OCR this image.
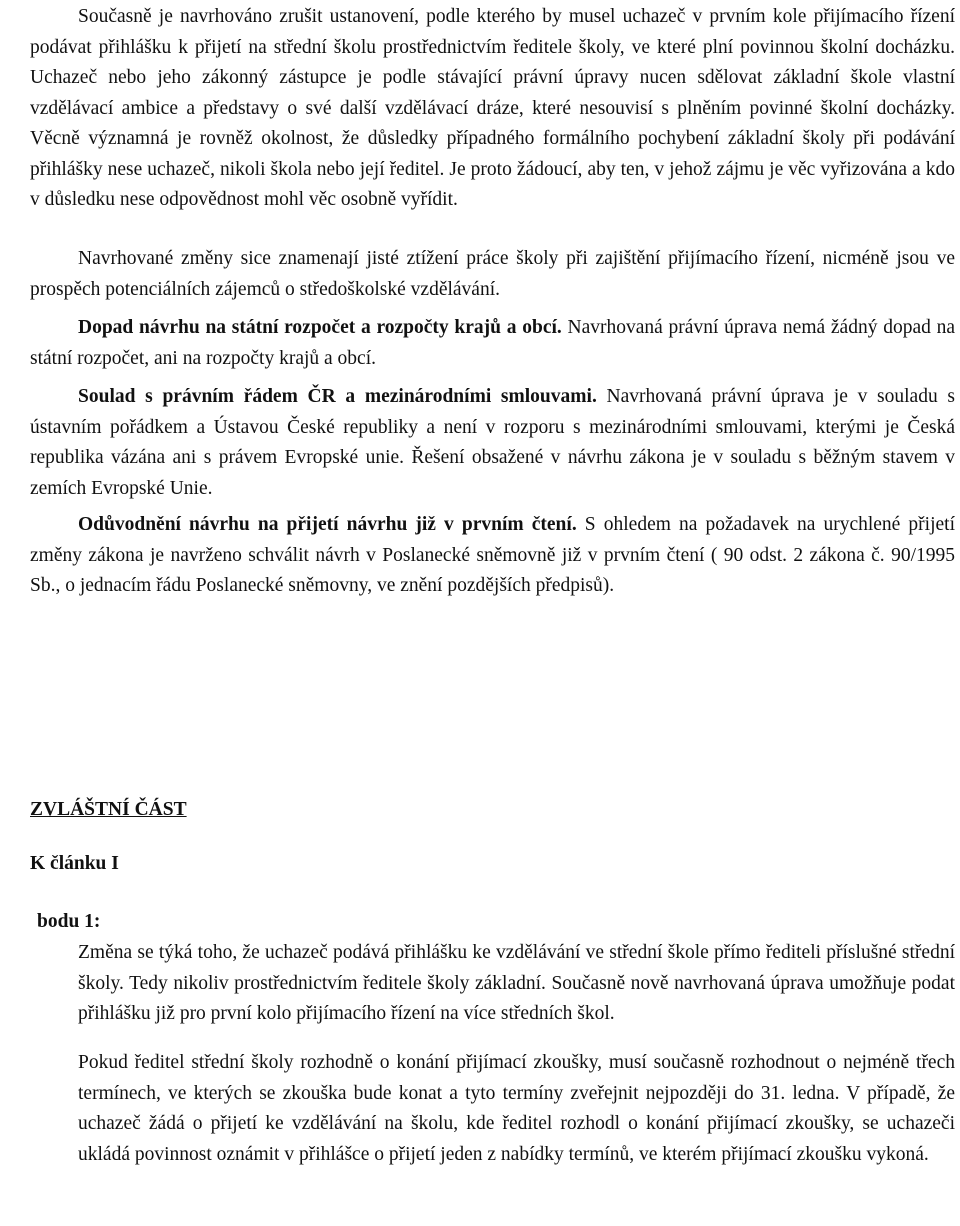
Současně je navrhováno zrušit ustanovení, podle kterého by musel uchazeč v prvním kole přijímacího řízení podávat přihlášku k přijetí na střední školu prostřednictvím ředitele školy, ve které plní povinnou školní docházku. Uchazeč nebo jeho zákonný zástupce je podle stávající právní úpravy nucen sdělovat základní škole vlastní vzdělávací ambice a představy o své další vzdělávací dráze, které nesouvisí s plněním povinné školní docházky. Věcně významná je rovněž okolnost, že důsledky případného formálního pochybení základní školy při podávání přihlášky nese uchazeč, nikoli škola nebo její ředitel. Je proto žádoucí, aby ten, v jehož zájmu je věc vyřizována a kdo v důsledku nese odpovědnost mohl věc osobně vyřídit.

Navrhované změny sice znamenají jisté ztížení práce školy při zajištění přijímacího řízení, nicméně jsou ve prospěch potenciálních zájemců o středoškolské vzdělávání.

Dopad návrhu na státní rozpočet a rozpočty krajů a obcí. Navrhovaná právní úprava nemá žádný dopad na státní rozpočet, ani na rozpočty krajů a obcí.

Soulad s právním řádem ČR a mezinárodními smlouvami. Navrhovaná právní úprava je v souladu s ústavním pořádkem a Ústavou České republiky a není v rozporu s mezinárodními smlouvami, kterými je Česká republika vázána ani s právem Evropské unie. Řešení obsažené v návrhu zákona je v souladu s běžným stavem v zemích Evropské Unie.

Odůvodnění návrhu na přijetí návrhu již v prvním čtení. S ohledem na požadavek na urychlené přijetí změny zákona je navrženo schválit návrh v Poslanecké sněmovně již v prvním čtení ( 90 odst. 2 zákona č. 90/1995 Sb., o jednacím řádu Poslanecké sněmovny, ve znění pozdějších předpisů).

ZVLÁŠTNÍ ČÁST

K článku I

bodu 1:

Změna se týká toho, že uchazeč podává přihlášku ke vzdělávání ve střední škole přímo řediteli příslušné střední školy. Tedy nikoliv prostřednictvím ředitele školy základní. Současně nově navrhovaná úprava umožňuje podat přihlášku již pro první kolo přijímacího řízení na více středních škol.

Pokud ředitel střední školy rozhodně o konání přijímací zkoušky, musí současně rozhodnout o nejméně třech termínech, ve kterých se zkouška bude konat a tyto termíny zveřejnit nejpozději do 31. ledna. V případě, že uchazeč žádá o přijetí ke vzdělávání na školu, kde ředitel rozhodl o konání přijímací zkoušky, se uchazeči ukládá povinnost oznámit v přihlášce o přijetí jeden z nabídky termínů, ve kterém přijímací zkoušku vykoná.
